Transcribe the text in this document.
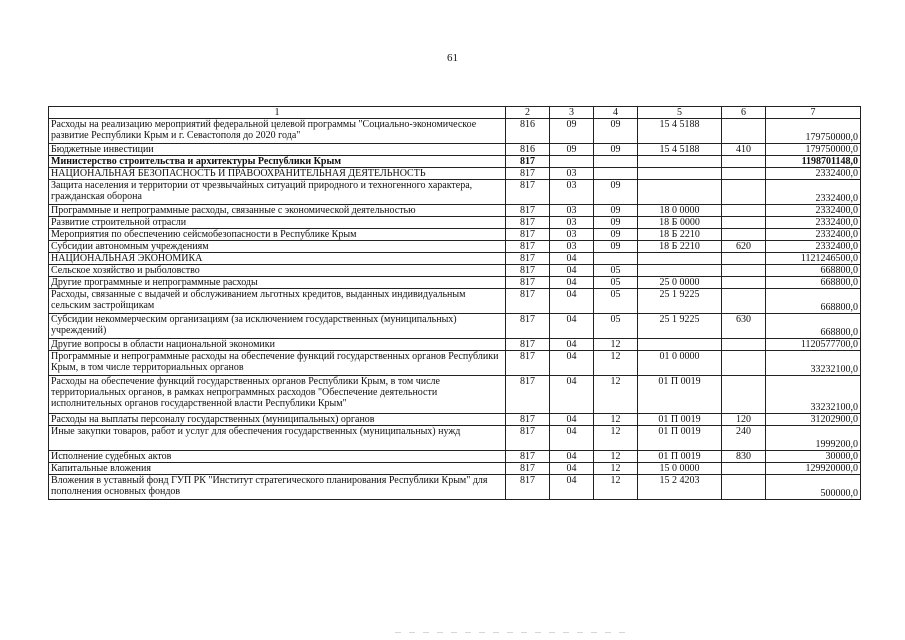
61
1	2	3	4	5	6	7
Расходы на реализацию мероприятий федеральной целевой программы "Социально-экономическое развитие Республики Крым и г. Севастополя до 2020 года"	816	09	09	15 4 5188		179750000,0
Бюджетные инвестиции	816	09	09	15 4 5188	410	179750000,0
Министерство строительства и архитектуры Республики Крым	817					1198701148,0
НАЦИОНАЛЬНАЯ БЕЗОПАСНОСТЬ И ПРАВООХРАНИТЕЛЬНАЯ ДЕЯТЕЛЬНОСТЬ	817	03				2332400,0
Защита населения и территории от чрезвычайных ситуаций природного и техногенного характера, гражданская оборона	817	03	09			2332400,0
Программные и непрограммные расходы, связанные с экономической деятельностью	817	03	09	18 0 0000		2332400,0
Развитие строительной отрасли	817	03	09	18 Б 0000		2332400,0
Мероприятия по обеспечению сейсмобезопасности в Республике Крым	817	03	09	18 Б 2210		2332400,0
Субсидии автономным учреждениям	817	03	09	18 Б 2210	620	2332400,0
НАЦИОНАЛЬНАЯ ЭКОНОМИКА	817	04				1121246500,0
Сельское хозяйство и рыболовство	817	04	05			668800,0
Другие программные и непрограммные расходы	817	04	05	25 0 0000		668800,0
Расходы, связанные с выдачей и обслуживанием льготных кредитов, выданных индивидуальным сельским застройщикам	817	04	05	25 1 9225		668800,0
Субсидии некоммерческим организациям (за исключением государственных (муниципальных) учреждений)	817	04	05	25 1 9225	630	668800,0
Другие вопросы в области национальной экономики	817	04	12			1120577700,0
Программные и непрограммные расходы на обеспечение функций государственных органов Республики Крым, в том числе территориальных органов	817	04	12	01 0 0000		33232100,0
Расходы на обеспечение функций государственных органов Республики Крым, в том числе территориальных органов, в рамках непрограммных расходов "Обеспечение деятельности исполнительных органов государственной власти Республики Крым"	817	04	12	01 П 0019		33232100,0
Расходы на выплаты персоналу государственных (муниципальных) органов	817	04	12	01 П 0019	120	31202900,0
Иные закупки товаров, работ и услуг для обеспечения государственных (муниципальных) нужд	817	04	12	01 П 0019	240	1999200,0
Исполнение судебных актов	817	04	12	01 П 0019	830	30000,0
Капитальные вложения	817	04	12	15 0 0000		129920000,0
Вложения в уставный фонд ГУП РК "Институт стратегического планирования Республики Крым" для пополнения основных фондов	817	04	12	15 2 4203		500000,0
